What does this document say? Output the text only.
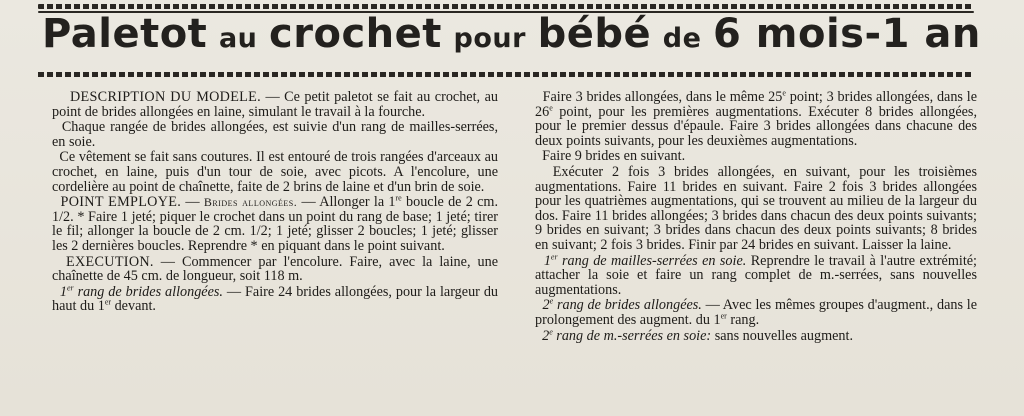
Paletot au crochet pour bébé de 6 mois-1 an

DESCRIPTION DU MODELE. — Ce petit paletot se fait au crochet, au point de brides allongées en laine, simulant le travail à la fourche.

Chaque rangée de brides allongées, est suivie d'un rang de mailles-serrées, en soie.

Ce vêtement se fait sans coutures. Il est entouré de trois rangées d'arceaux au crochet, en laine, puis d'un tour de soie, avec picots. A l'encolure, une cordelière au point de chaînette, faite de 2 brins de laine et d'un brin de soie.

POINT EMPLOYE. — Brides allongées. — Allonger la 1re boucle de 2 cm. 1/2. * Faire 1 jeté; piquer le crochet dans un point du rang de base; 1 jeté; tirer le fil; allonger la boucle de 2 cm. 1/2; 1 jeté; glisser 2 boucles; 1 jeté; glisser les 2 dernières boucles. Reprendre * en piquant dans le point suivant.

EXECUTION. — Commencer par l'encolure. Faire, avec la laine, une chaînette de 45 cm. de longueur, soit 118 m.

1er rang de brides allongées. — Faire 24 brides allongées, pour la largeur du haut du 1er devant.

Faire 3 brides allongées, dans le même 25e point; 3 brides allongées, dans le 26e point, pour les premières augmentations. Exécuter 8 brides allongées, pour le premier dessus d'épaule. Faire 3 brides allongées dans chacune des deux points suivants, pour les deuxièmes augmentations.

Faire 9 brides en suivant.

Exécuter 2 fois 3 brides allongées, en suivant, pour les troisièmes augmentations. Faire 11 brides en suivant. Faire 2 fois 3 brides allongées pour les quatrièmes augmentations, qui se trouvent au milieu de la largeur du dos. Faire 11 brides allongées; 3 brides dans chacun des deux points suivants; 9 brides en suivant; 3 brides dans chacun des deux points suivants; 8 brides en suivant; 2 fois 3 brides. Finir par 24 brides en suivant. Laisser la laine.

1er rang de mailles-serrées en soie. Reprendre le travail à l'autre extrémité; attacher la soie et faire un rang complet de m.-serrées, sans nouvelles augmentations.

2e rang de brides allongées. — Avec les mêmes groupes d'augment., dans le prolongement des augment. du 1er rang.

2e rang de m.-serrées en soie: sans nouvelles augment.
